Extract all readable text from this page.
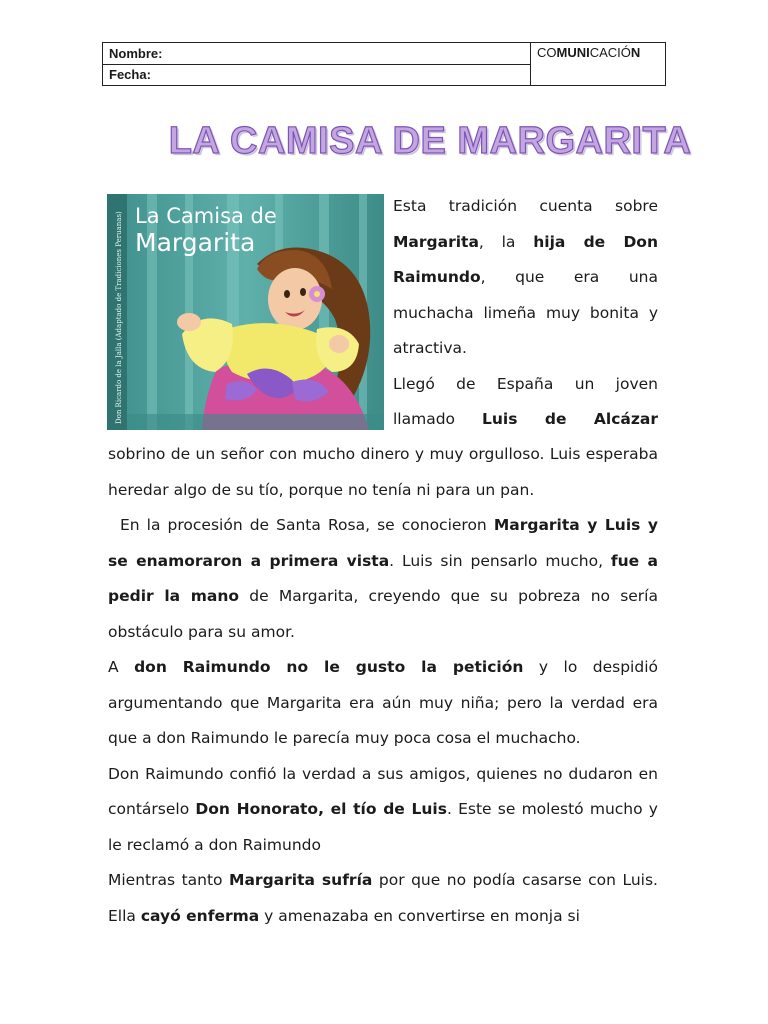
Nombre:	COMUNICACIÓN
Fecha:
LA CAMISA DE MARGARITA
Don Ricardo de la Jalla (Adaptado de Tradiciones Peruanas) La Camisa de
Margarita

Esta tradición cuenta sobre Margarita, la hija de Don Raimundo, que era una muchacha limeña muy bonita y atractiva.

Llegó de España un joven llamado Luis de Alcázar

sobrino de un señor con mucho dinero y muy orgulloso. Luis esperaba heredar algo de su tío, porque no tenía ni para un pan.

En la procesión de Santa Rosa, se conocieron Margarita y Luis y se enamoraron a primera vista. Luis sin pensarlo mucho, fue a pedir la mano de Margarita, creyendo que su pobreza no sería obstáculo para su amor.

A don Raimundo no le gusto la petición y lo despidió argumentando que Margarita era aún muy niña; pero la verdad era que a don Raimundo le parecía muy poca cosa el muchacho.

Don Raimundo confió la verdad a sus amigos, quienes no dudaron en contárselo Don Honorato, el tío de Luis. Este se molestó mucho y le reclamó a don Raimundo

Mientras tanto Margarita sufría por que no podía casarse con Luis. Ella cayó enferma y amenazaba en convertirse en monja si
